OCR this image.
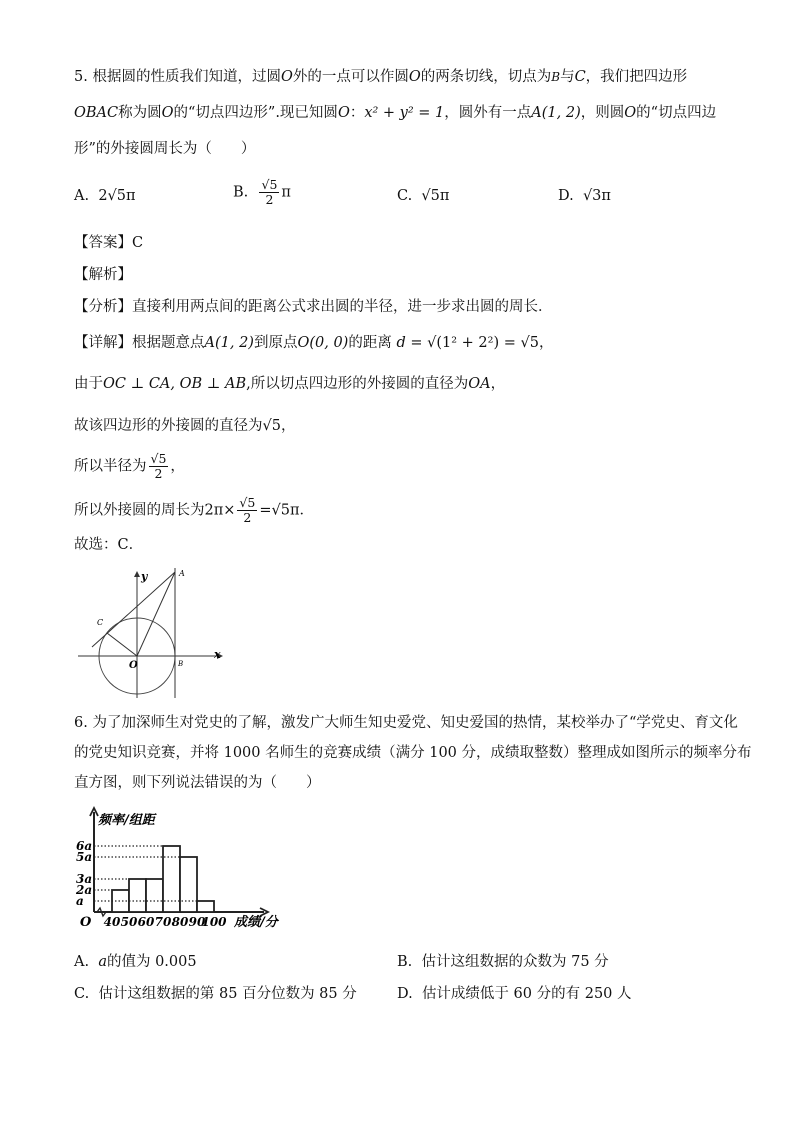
5. 根据圆的性质我们知道，过圆O外的一点可以作圆O的两条切线，切点为B与C，我们把四边形
OBAC称为圆O的“切点四边形”.现已知圆O：x² + y² = 1，圆外有一点A(1, 2)，则圆O的“切点四边
形”的外接圆周长为（　　）
A. 2√5π	B. $\frac{√5}{2}$ π	C. √5π	D. √3π
【答案】C
【解析】
【分析】直接利用两点间的距离公式求出圆的半径，进一步求出圆的周长．
【详解】根据题意点A(1, 2)到原点O(0, 0)的距离 d = √(1² + 2²) = √5，
由于OC ⊥ CA, OB ⊥ AB,所以切点四边形的外接圆的直径为OA，
故该四边形的外接圆的直径为√5，
所以半径为 $\frac{√5}{2}$ ，
所以外接圆的周长为$2\pi\times \frac{√5}{2} =√5\pi$．
故选：C．
y	A
C
O	B
x
6. 为了加深师生对党史的了解，激发广大师生知史爱党、知史爱国的热情，某校举办了“学党史、育文化
的党史知识竞赛，并将 1000 名师生的竞赛成绩（满分 100 分，成绩取整数）整理成如图所示的频率分布
直方图，则下列说法错误的为（　　）
频率/组距
6a
5a
3a
2a
a
O 40 50 60 70 80 90
100 成绩/分
A. a的值为 0.005	B. 估计这组数据的众数为 75 分
C. 估计这组数据的第 85 百分位数为 85 分	D. 估计成绩低于 60 分的有 250 人
